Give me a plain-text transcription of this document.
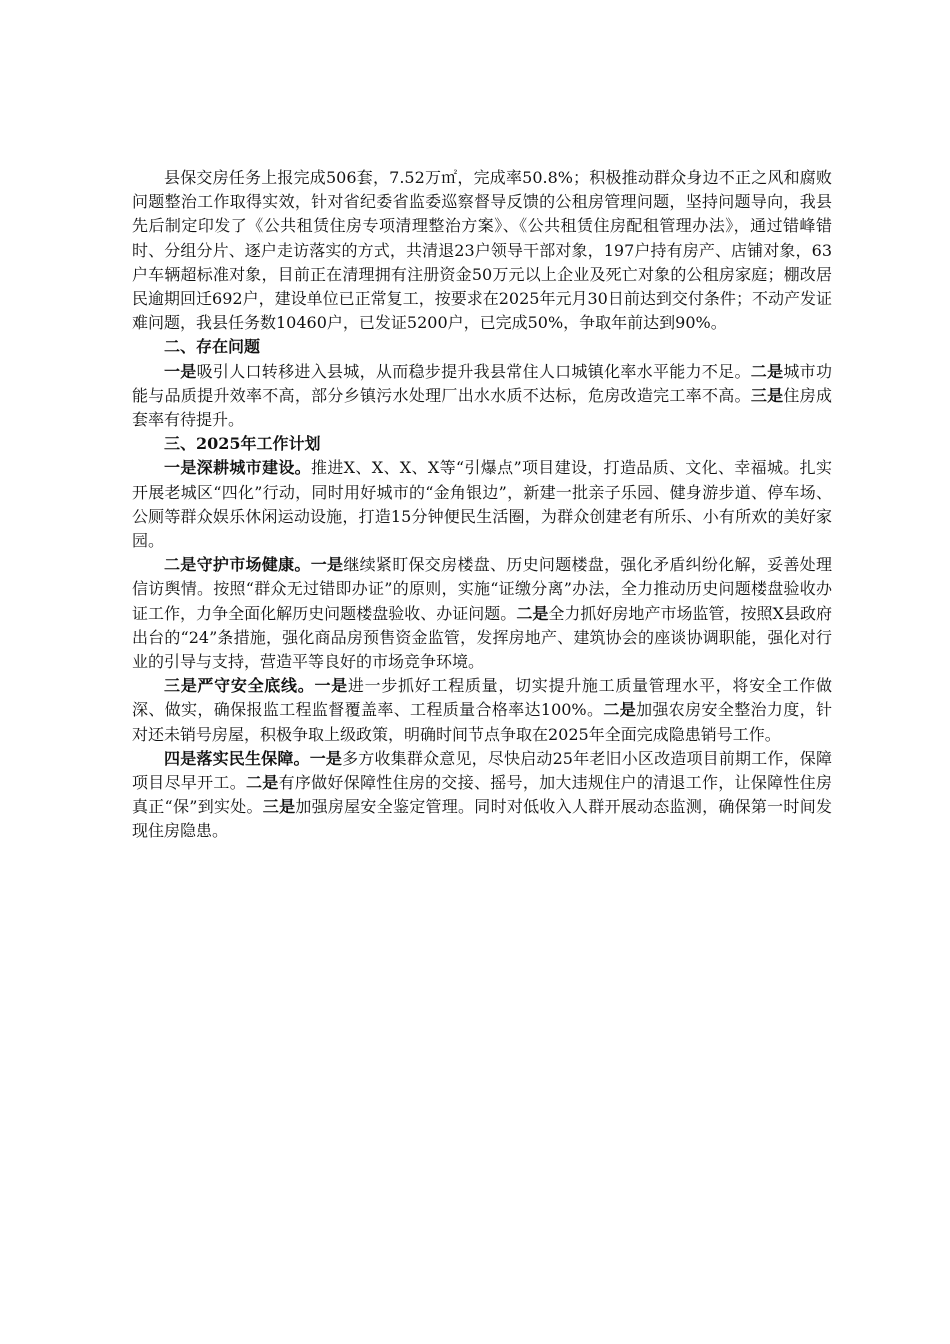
县保交房任务上报完成506套，7.52万㎡，完成率50.8%；积极推动群众身边不正之风和腐败问题整治工作取得实效，针对省纪委省监委巡察督导反馈的公租房管理问题，坚持问题导向，我县先后制定印发了《公共租赁住房专项清理整治方案》、《公共租赁住房配租管理办法》，通过错峰错时、分组分片、逐户走访落实的方式，共清退23户领导干部对象，197户持有房产、店铺对象，63户车辆超标准对象，目前正在清理拥有注册资金50万元以上企业及死亡对象的公租房家庭；棚改居民逾期回迁692户，建设单位已正常复工，按要求在2025年元月30日前达到交付条件；不动产发证难问题，我县任务数10460户，已发证5200户，已完成50%，争取年前达到90%。

二、存在问题

一是吸引人口转移进入县城，从而稳步提升我县常住人口城镇化率水平能力不足。二是城市功能与品质提升效率不高，部分乡镇污水处理厂出水水质不达标，危房改造完工率不高。三是住房成套率有待提升。

三、2025年工作计划

一是深耕城市建设。推进X、X、X、X等“引爆点”项目建设，打造品质、文化、幸福城。扎实开展老城区“四化”行动，同时用好城市的“金角银边”，新建一批亲子乐园、健身游步道、停车场、公厕等群众娱乐休闲运动设施，打造15分钟便民生活圈，为群众创建老有所乐、小有所欢的美好家园。

二是守护市场健康。一是继续紧盯保交房楼盘、历史问题楼盘，强化矛盾纠纷化解，妥善处理信访舆情。按照“群众无过错即办证”的原则，实施“证缴分离”办法，全力推动历史问题楼盘验收办证工作，力争全面化解历史问题楼盘验收、办证问题。二是全力抓好房地产市场监管，按照X县政府出台的“24”条措施，强化商品房预售资金监管，发挥房地产、建筑协会的座谈协调职能，强化对行业的引导与支持，营造平等良好的市场竞争环境。

三是严守安全底线。一是进一步抓好工程质量，切实提升施工质量管理水平，将安全工作做深、做实，确保报监工程监督覆盖率、工程质量合格率达100%。二是加强农房安全整治力度，针对还未销号房屋，积极争取上级政策，明确时间节点争取在2025年全面完成隐患销号工作。

四是落实民生保障。一是多方收集群众意见，尽快启动25年老旧小区改造项目前期工作，保障项目尽早开工。二是有序做好保障性住房的交接、摇号，加大违规住户的清退工作，让保障性住房真正“保”到实处。三是加强房屋安全鉴定管理。同时对低收入人群开展动态监测，确保第一时间发现住房隐患。
